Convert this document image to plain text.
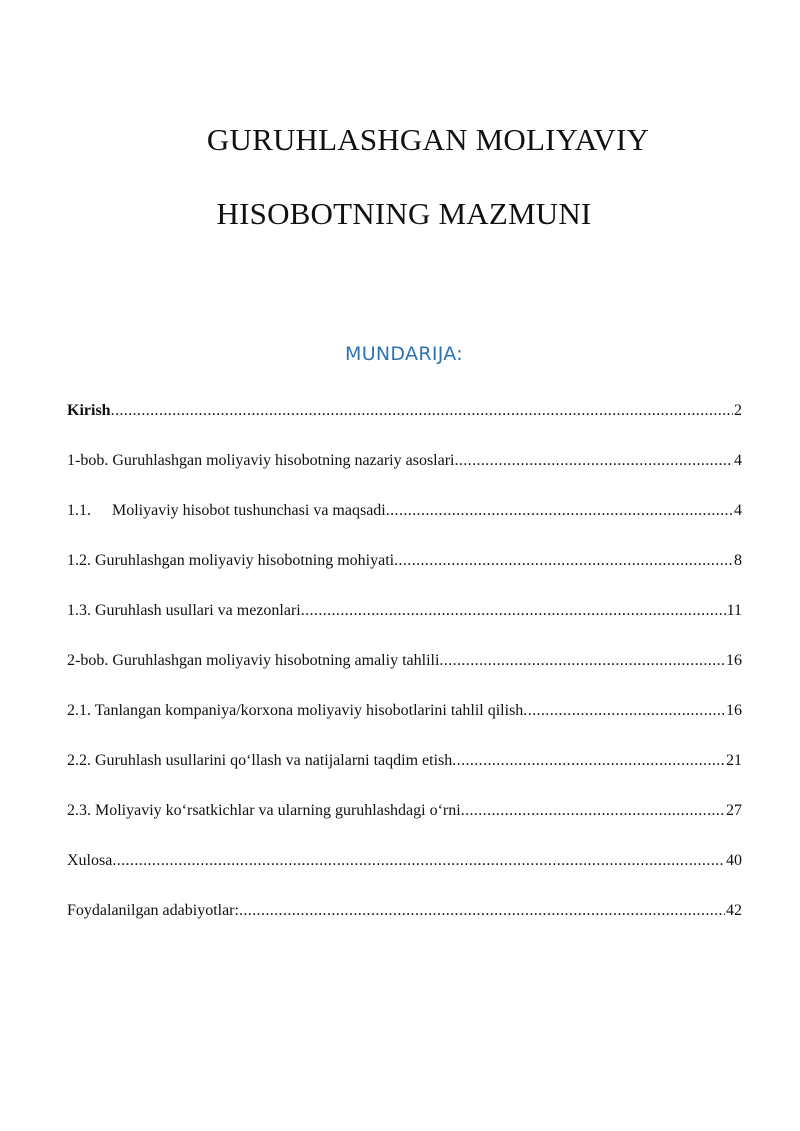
GURUHLASHGAN MOLIYAVIY
HISOBOTNING MAZMUNI
MUNDARIJA:
Kirish .....	2
1-bob. Guruhlashgan moliyaviy hisobotning nazariy asoslari .....	4
1.1. Moliyaviy hisobot tushunchasi va maqsadi .....	4
1.2. Guruhlashgan moliyaviy hisobotning mohiyati .....	8
1.3. Guruhlash usullari va mezonlari .....	11
2-bob. Guruhlashgan moliyaviy hisobotning amaliy tahlili .....	16
2.1. Tanlangan kompaniya/korxona moliyaviy hisobotlarini tahlil qilish .....	16
2.2. Guruhlash usullarini qo‘llash va natijalarni taqdim etish .....	21
2.3. Moliyaviy ko‘rsatkichlar va ularning guruhlashdagi o‘rni .....	27
Xulosa .....	40
Foydalanilgan adabiyotlar: .....	42
